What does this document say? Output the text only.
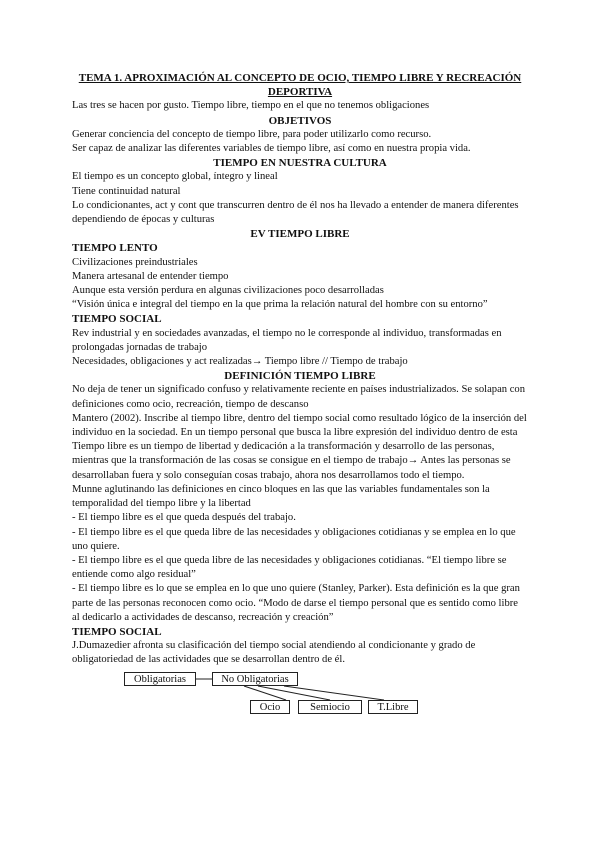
TEMA 1. APROXIMACIÓN AL CONCEPTO DE OCIO, TIEMPO LIBRE Y RECREACIÓN DEPORTIVA

Las tres se hacen por gusto. Tiempo libre, tiempo en el que no tenemos obligaciones

OBJETIVOS

Generar conciencia del concepto de tiempo libre, para poder utilizarlo como recurso.

Ser capaz de analizar las diferentes variables de tiempo libre, así como en nuestra propia vida.

TIEMPO EN NUESTRA CULTURA

El tiempo es un concepto global, íntegro y lineal

Tiene continuidad natural

Lo condicionantes, act y cont que transcurren dentro de él nos ha llevado a entender de manera diferentes dependiendo de épocas y culturas

EV TIEMPO LIBRE

TIEMPO LENTO

Civilizaciones preindustriales

Manera artesanal de entender tiempo

Aunque esta versión perdura en algunas civilizaciones poco desarrolladas

“Visión única e integral del tiempo en la que prima la relación natural del hombre con su entorno”

TIEMPO SOCIAL

Rev industrial y en sociedades avanzadas, el tiempo no le corresponde al individuo, transformadas en prolongadas jornadas de trabajo

Necesidades, obligaciones y act realizadas→ Tiempo libre // Tiempo de trabajo

DEFINICIÓN TIEMPO LIBRE

No deja de tener un significado confuso y relativamente reciente en países industrializados. Se solapan con definiciones como ocio, recreación, tiempo de descanso

Mantero (2002). Inscribe al tiempo libre, dentro del tiempo social como resultado lógico de la inserción del individuo en la sociedad. En un tiempo personal que busca la libre expresión del individuo dentro de esta

Tiempo libre es un tiempo de libertad y dedicación a la transformación y desarrollo de las personas, mientras que la transformación de las cosas se consigue en el tiempo de trabajo→ Antes las personas se desarrollaban fuera y solo conseguían cosas trabajo, ahora nos desarrollamos todo el tiempo.

Munne aglutinando las definiciones en cinco bloques en las que las variables fundamentales son la temporalidad del tiempo libre y la libertad

- El tiempo libre es el que queda después del trabajo.

- El tiempo libre es el que queda libre de las necesidades y obligaciones cotidianas y se emplea en lo que uno quiere.

- El tiempo libre es el que queda libre de las necesidades y obligaciones cotidianas. “El tiempo libre se entiende como algo residual”

- El tiempo libre es lo que se emplea en lo que uno quiere (Stanley, Parker). Esta definición es la que gran parte de las personas reconocen como ocio. “Modo de darse el tiempo personal que es sentido como libre al dedicarlo a actividades de descanso, recreación y creación”

TIEMPO SOCIAL

J.Dumazedier afronta su clasificación del tiempo social atendiendo al condicionante y grado de obligatoriedad de las actividades que se desarrollan dentro de él.

Obligatorias	No Obligatorias
Ocio	Semiocio	T.Libre
